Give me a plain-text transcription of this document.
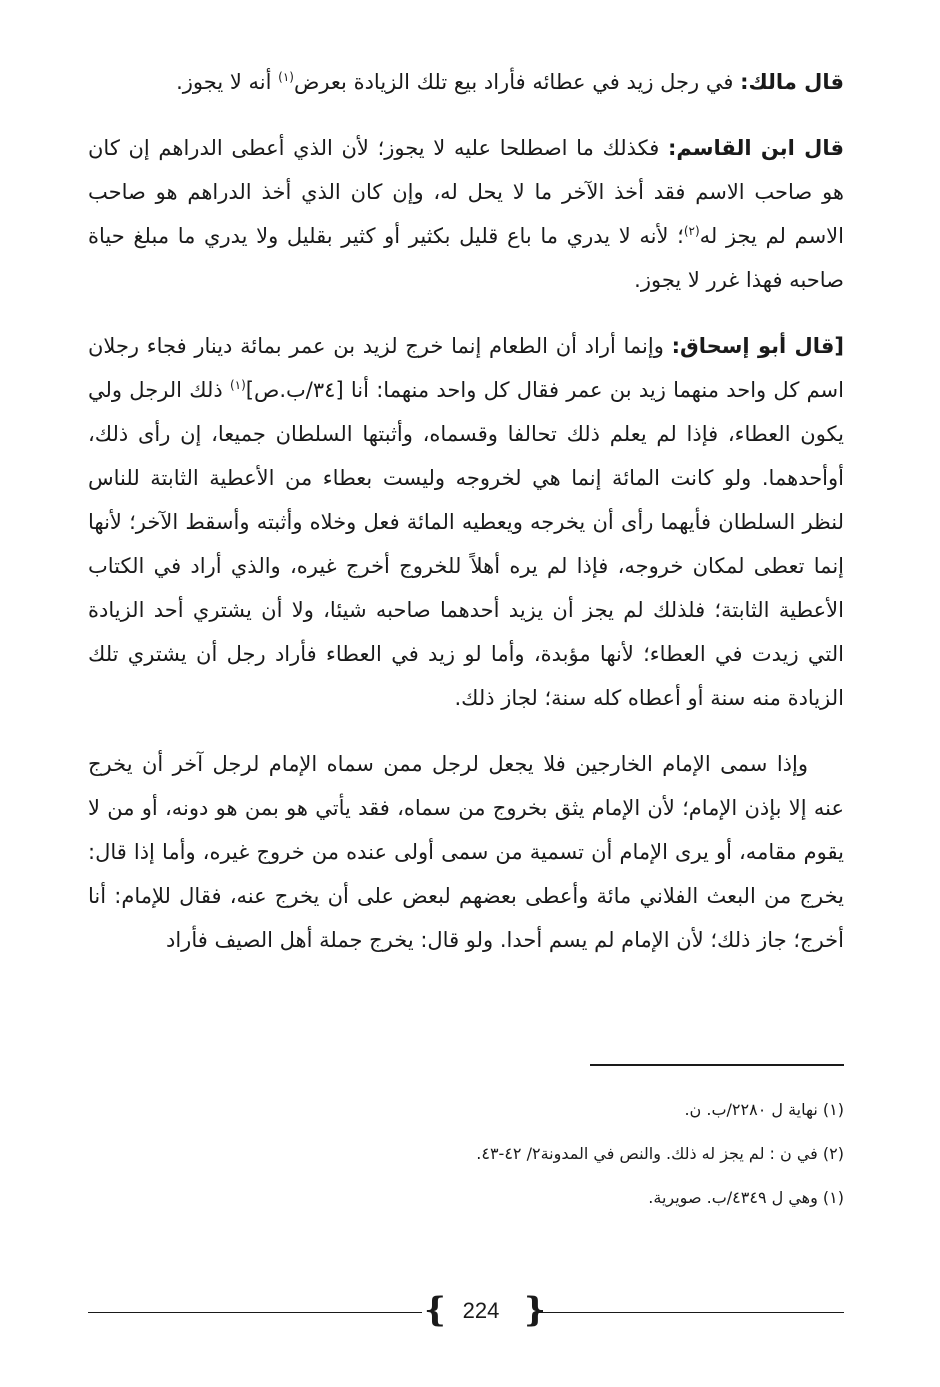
قال مالك: في رجل زيد في عطائه فأراد بيع تلك الزيادة بعرض$^{(١)}$ أنه لا يجوز.

قال ابن القاسم: فكذلك ما اصطلحا عليه لا يجوز؛ لأن الذي أعطى الدراهم إن كان هو صاحب الاسم فقد أخذ الآخر ما لا يحل له، وإن كان الذي أخذ الدراهم هو صاحب الاسم لم يجز له$^{(٢)}$؛ لأنه لا يدري ما باع قليل بكثير أو كثير بقليل ولا يدري ما مبلغ حياة صاحبه فهذا غرر لا يجوز.

[قال أبو إسحاق: وإنما أراد أن الطعام إنما خرج لزيد بن عمر بمائة دينار فجاء رجلان اسم كل واحد منهما زيد بن عمر فقال كل واحد منهما: أنا [٣٤/ب.ص]$^{(١)}$ ذلك الرجل ولي يكون العطاء، فإذا لم يعلم ذلك تحالفا وقسماه، وأثبتها السلطان جميعا، إن رأى ذلك، أوأحدهما. ولو كانت المائة إنما هي لخروجه وليست بعطاء من الأعطية الثابتة للناس لنظر السلطان فأيهما رأى أن يخرجه ويعطيه المائة فعل وخلاه وأثبته وأسقط الآخر؛ لأنها إنما تعطى لمكان خروجه، فإذا لم يره أهلاً للخروج أخرج غيره، والذي أراد في الكتاب الأعطية الثابتة؛ فلذلك لم يجز أن يزيد أحدهما صاحبه شيئا، ولا أن يشتري أحد الزيادة التي زيدت في العطاء؛ لأنها مؤبدة، وأما لو زيد في العطاء فأراد رجل أن يشتري تلك الزيادة منه سنة أو أعطاه كله سنة؛ لجاز ذلك.

وإذا سمى الإمام الخارجين فلا يجعل لرجل ممن سماه الإمام لرجل آخر أن يخرج عنه إلا بإذن الإمام؛ لأن الإمام يثق بخروج من سماه، فقد يأتي هو بمن هو دونه، أو من لا يقوم مقامه، أو يرى الإمام أن تسمية من سمى أولى عنده من خروج غيره، وأما إذا قال: يخرج من البعث الفلاني مائة وأعطى بعضهم لبعض على أن يخرج عنه، فقال للإمام: أنا أخرج؛ جاز ذلك؛ لأن الإمام لم يسم أحدا. ولو قال: يخرج جملة أهل الصيف فأراد

(١) نهاية ل ٢٢٨٠/ب. ن.
(٢) في ن : لم يجز له ذلك. والنص في المدونة٢/ ٤٢-٤٣.
(١) وهي ل ٤٣٤٩/ب. صويرية.
{ 224 }
